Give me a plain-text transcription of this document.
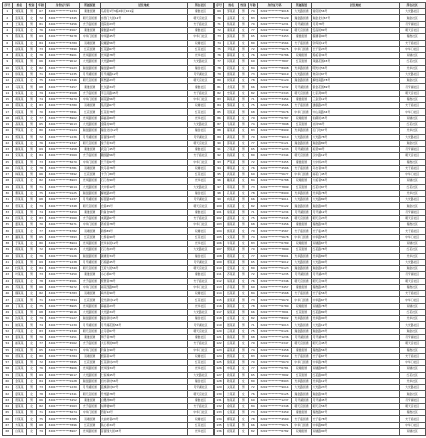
序号	姓名	性别	年龄	身份证号码	所属街道	居住地址	所在社区
1	刘某某	男	67	3201**********1234	秦淮街道	马府街1号3栋2单元101室	秦淮社区
2	张某某	女	72	3201**********2345	朝天宫街道	水西门大街12号	朝天宫社区
3	王某某	男	81	3201**********3456	夫子庙街道	贡院街23号	夫子庙社区
4	李某某	女	76	3201**********4567	秦淮街道	秦淮路34号	秦淮社区
5	陈某某	男	69	3201**********5678	中华门街道	中华路45号	中华门社区
6	杨某某	女	84	3201**********6789	双塘街道	双塘路56号	双塘社区
7	赵某某	男	73	3201**********7890	红花街道	红花路67号	红花社区
8	黄某某	女	78	3201**********8901	光华路街道	光华路78号	光华社区
9	周某某	男	66	3201**********9012	大光路街道	大光路89号	大光路社区
10	吴某某	女	82	3201**********0123	瑞金路街道	瑞金路90号	瑞金社区
11	徐某某	男	71	3201**********1235	月牙湖街道	月牙湖路12号	月牙湖社区
12	孙某某	女	75	3201**********2346	朝天宫街道	莫愁路23号	朝天宫社区
13	马某某	男	68	3201**********3457	秦淮街道	长乐路34号	秦淮社区
14	朱某某	女	79	3201**********4568	夫子庙街道	平江府路45号	夫子庙社区
15	胡某某	男	74	3201**********5679	中华门街道	雨花路56号	中华门社区
16	郭某某	女	83	3201**********6780	双塘街道	集庆路67号	双塘社区
17	何某某	男	70	3201**********7891	红花街道	红花街78号	红花社区
18	林某某	女	77	3201**********8902	光华路街道	海福巷89号	光华社区
19	高某某	男	65	3201**********9013	大光路街道	金陵村90号	大光路社区
20	罗某某	女	80	3201**********0124	瑞金路街道	瑞金北村12号	瑞金社区
21	郑某某	男	72	3201**********1236	月牙湖街道	苜蓿园23号	月牙湖社区
22	梁某某	女	76	3201**********2347	朝天宫街道	堂子街34号	朝天宫社区
23	谢某某	男	69	3201**********3458	秦淮街道	武定门45号	秦淮社区
24	宋某某	女	84	3201**********4569	夫子庙街道	瞻园路56号	夫子庙社区
25	唐某某	男	73	3201**********5670	中华门街道	长干街67号	中华门社区
26	许某某	女	78	3201**********6781	双塘街道	饮马巷78号	双塘社区
27	韩某某	男	66	3201**********7892	红花街道	卡子门89号	红花社区
28	冯某某	女	82	3201**********8903	光华路街道	石门坎90号	光华社区
29	邓某某	男	71	3201**********9014	大光路街道	大中桥12号	大光路社区
30	曹某某	女	75	3201**********0125	瑞金路街道	解放路23号	瑞金社区
31	彭某某	男	68	3201**********1237	月牙湖街道	标营路34号	月牙湖社区
32	曾某某	女	79	3201**********2348	朝天宫街道	仓巷45号	朝天宫社区
33	肖某某	男	74	3201**********3459	秦淮街道	钓鱼台56号	秦淮社区
34	田某某	女	83	3201**********4560	夫子庙街道	来燕路67号	夫子庙社区
35	董某某	男	70	3201**********5671	中华门街道	养虎巷78号	中华门社区
36	袁某某	女	77	3201**********6782	双塘街道	新桥89号	双塘社区
37	潘某某	男	65	3201**********7893	红花街道	七桥瓮90号	红花社区
38	于某某	女	80	3201**********8904	光华路街道	光华东街12号	光华社区
39	蒋某某	男	72	3201**********9015	大光路街道	石门坎23号	大光路社区
40	蔡某某	女	76	3201**********0126	瑞金路街道	御道街34号	瑞金社区
41	余某某	男	69	3201**********1238	月牙湖街道	石杨路45号	月牙湖社区
42	杜某某	女	84	3201**********2349	朝天宫街道	王府大街56号	朝天宫社区
43	叶某某	男	73	3201**********3450	秦淮街道	小心桥67号	秦淮社区
44	程某某	女	78	3201**********4561	夫子庙街道	琵琶巷78号	夫子庙社区
45	苏某某	男	66	3201**********5672	中华门街道	雨花西路89号	中华门社区
46	魏某某	女	82	3201**********6783	双塘街道	鸣羊街90号	双塘社区
47	吕某某	男	71	3201**********7894	红花街道	宏光新村12号	红花社区
48	丁某某	女	75	3201**********8905	光华路街道	海福巷23号	光华社区
49	任某某	男	68	3201**********9016	大光路街道	大光路34号	大光路社区
50	沈某某	女	79	3201**********0127	瑞金路街道	瑞金新村45号	瑞金社区
51	姚某某	男	74	3201**********1239	月牙湖街道	月牙湖花园56号	月牙湖社区
52	卢某某	女	83	3201**********2340	朝天宫街道	止马营67号	朝天宫社区
53	姜某某	男	70	3201**********3451	秦淮街道	剪子巷78号	秦淮社区
54	崔某某	女	77	3201**********4562	夫子庙街道	大石坝街89号	夫子庙社区
55	钟某某	男	65	3201**********5673	中华门街道	钓鱼台90号	中华门社区
56	谭某某	女	80	3201**********6784	双塘街道	殷高巷12号	双塘社区
57	陆某某	男	72	3201**********7895	红花街道	红花新村23号	红花社区
58	汪某某	女	76	3201**********8906	光华路街道	光华园34号	光华社区
59	范某某	男	69	3201**********9017	大光路街道	仁恒城45号	大光路社区
60	金某某	女	84	3201**********0128	瑞金路街道	四方新村56号	瑞金社区
61	石某某	男	73	3201**********1230	月牙湖街道	蓝旗新村67号	月牙湖社区
62	廖某某	女	78	3201**********2341	朝天宫街道	升州路78号	朝天宫社区
63	贾某某	男	66	3201**********3452	秦淮街道	白鹭洲89号	秦淮社区
64	夏某某	女	82	3201**********4563	夫子庙街道	东牌楼90号	夫子庙社区
65	韦某某	男	71	3201**********5674	中华门街道	西街12号	中华门社区
66	付某某	女	75	3201**********6785	双塘街道	大油坊巷23号	双塘社区
67	方某某	男	68	3201**********7896	红花街道	铁心桥34号	红花社区
68	白某某	女	79	3201**********8907	光华路街道	苜蓿园大街45号	光华社区
序号	姓名	性别	年龄	身份证号码	所属街道	居住地址	所在社区
69	邹某某	男	74	3201**********9018	大光路街道	常府街56号	大光路社区
70	孟某某	女	83	3201**********0129	瑞金路街道	瑞金北村67号	瑞金社区
71	熊某某	男	70	3201**********1231	月牙湖街道	月苑78号	月牙湖社区
72	秦某某	女	77	3201**********2342	朝天宫街道	安品街89号	朝天宫社区
73	邱某某	男	65	3201**********3453	秦淮街道	箍桶巷90号	秦淮社区
74	江某某	女	80	3201**********4564	夫子庙街道	钞库街12号	夫子庙社区
75	尹某某	男	72	3201**********5675	中华门街道	长干里23号	中华门社区
76	薛某某	女	76	3201**********6786	双塘街道	船板巷34号	双塘社区
77	闫某某	男	69	3201**********7897	红花街道	凤凰花园45号	红花社区
78	段某某	女	84	3201**********8908	光华路街道	明光村56号	光华社区
79	雷某某	男	73	3201**********9019	大光路街道	象房村67号	大光路社区
80	侯某某	女	78	3201**********0120	瑞金路街道	解放南路78号	瑞金社区
81	龙某某	男	66	3201**********1232	月牙湖街道	紫金花园89号	月牙湖社区
82	史某某	女	82	3201**********2343	朝天宫街道	七家湾90号	朝天宫社区
83	陶某某	男	71	3201**********3454	秦淮街道	三条营12号	秦淮社区
84	黎某某	女	75	3201**********4565	夫子庙街道	建康路23号	夫子庙社区
85	贺某某	男	68	3201**********5676	中华门街道	中山南路34号	中华门社区
86	顾某某	女	79	3201**********6787	双塘街道	仙鹤街45号	双塘社区
87	毛某某	男	74	3201**********7898	红花街道	夹岗56号	红花社区
88	郝某某	女	83	3201**********8909	光华路街道	石门坎67号	光华社区
89	龚某某	男	70	3201**********9010	大光路街道	大光路78号	大光路社区
90	邵某某	女	77	3201**********0121	瑞金路街道	瑞金路89号	瑞金社区
91	万某某	男	65	3201**********1233	月牙湖街道	标营90号	月牙湖社区
92	钱某某	女	80	3201**********2344	朝天宫街道	汉中路12号	朝天宫社区
93	严某某	男	72	3201**********3455	秦淮街道	大中桥23号	秦淮社区
94	覃某某	女	76	3201**********4566	夫子庙街道	乌衣巷34号	夫子庙社区
95	武某某	男	69	3201**********5677	中华门街道	雨花门45号	中华门社区
96	戴某某	女	84	3201**********6788	双塘街道	大板巷56号	双塘社区
97	莫某某	男	73	3201**********7899	红花街道	红花村67号	红花社区
98	孔某某	女	78	3201**********8900	光华路街道	光华路78号	光华社区
99	向某某	男	66	3201**********9011	大光路街道	大光路89号	大光路社区
100	汤某某	女	82	3201**********0122	瑞金路街道	瑞金路90号	瑞金社区
101	常某某	男	71	3201**********1234	月牙湖街道	月牙湖12号	月牙湖社区
102	温某某	女	75	3201**********2345	朝天宫街道	朝天宫23号	朝天宫社区
103	康某某	男	68	3201**********3456	秦淮街道	秦淮路34号	秦淮社区
104	施某某	女	79	3201**********4567	夫子庙街道	夫子庙45号	夫子庙社区
105	文某某	男	74	3201**********5678	中华门街道	中华路56号	中华门社区
106	牛某某	女	83	3201**********6789	双塘街道	双塘路67号	双塘社区
107	樊某某	男	70	3201**********7890	红花街道	红花路78号	红花社区
108	葛某某	女	77	3201**********8901	光华路街道	光华路89号	光华社区
109	邢某某	男	65	3201**********9012	大光路街道	大光路90号	大光路社区
110	安某某	女	80	3201**********0123	瑞金路街道	瑞金路12号	瑞金社区
111	齐某某	男	72	3201**********1235	月牙湖街道	月牙湖23号	月牙湖社区
112	易某某	女	76	3201**********2346	朝天宫街道	朝天宫34号	朝天宫社区
113	乔某某	男	69	3201**********3457	秦淮街道	秦淮路45号	秦淮社区
114	伍某某	女	84	3201**********4568	夫子庙街道	夫子庙56号	夫子庙社区
115	庞某某	男	73	3201**********5679	中华门街道	中华路67号	中华门社区
116	颜某某	女	78	3201**********6780	双塘街道	双塘路78号	双塘社区
117	倪某某	男	66	3201**********7891	红花街道	红花路89号	红花社区
118	庄某某	女	82	3201**********8902	光华路街道	光华路90号	光华社区
119	聂某某	男	71	3201**********9013	大光路街道	大光路12号	大光路社区
120	章某某	女	75	3201**********0124	瑞金路街道	瑞金路23号	瑞金社区
121	鲁某某	男	68	3201**********1236	月牙湖街道	月牙湖34号	月牙湖社区
122	岳某某	女	79	3201**********2347	朝天宫街道	朝天宫45号	朝天宫社区
123	翟某某	男	74	3201**********3458	秦淮街道	秦淮路56号	秦淮社区
124	殷某某	女	83	3201**********4569	夫子庙街道	夫子庙67号	夫子庙社区
125	詹某某	男	70	3201**********5670	中华门街道	中华路78号	中华门社区
126	申某某	女	77	3201**********6781	双塘街道	双塘路89号	双塘社区
127	欧某某	男	65	3201**********7892	红花街道	红花路90号	红花社区
128	耿某某	女	80	3201**********8903	光华路街道	光华路12号	光华社区
129	关某某	男	72	3201**********9014	大光路街道	大光路23号	大光路社区
130	兰某某	女	76	3201**********0125	瑞金路街道	瑞金路34号	瑞金社区
131	焦某某	男	69	3201**********1237	月牙湖街道	月牙湖45号	月牙湖社区
132	俞某某	女	84	3201**********2348	朝天宫街道	朝天宫56号	朝天宫社区
133	左某某	男	73	3201**********3459	秦淮街道	秦淮路67号	秦淮社区
134	柳某某	女	78	3201**********4560	夫子庙街道	夫子庙78号	夫子庙社区
135	甘某某	男	66	3201**********5671	中华门街道	中华路89号	中华门社区
136	祝某某	女	82	3201**********6782	双塘街道	双塘路90号	双塘社区
